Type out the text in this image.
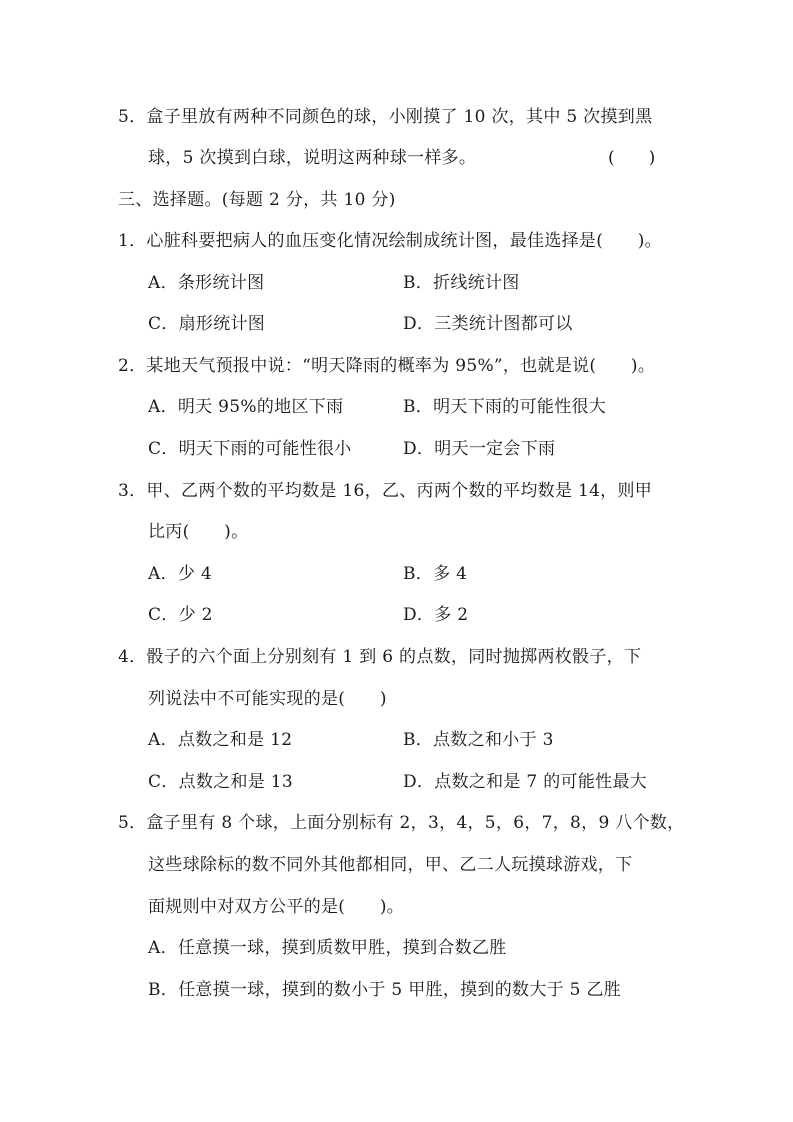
5．盒子里放有两种不同颜色的球，小刚摸了 10 次，其中 5 次摸到黑
球，5 次摸到白球，说明这两种球一样多。	(　　)
三、选择题。(每题 2 分，共 10 分)
1．心脏科要把病人的血压变化情况绘制成统计图，最佳选择是(　　)。
A．条形统计图	B．折线统计图
C．扇形统计图	D．三类统计图都可以
2．某地天气预报中说：“明天降雨的概率为 95%”，也就是说(　　)。
A．明天 95%的地区下雨	B．明天下雨的可能性很大
C．明天下雨的可能性很小	D．明天一定会下雨
3．甲、乙两个数的平均数是 16，乙、丙两个数的平均数是 14，则甲
比丙(　　)。
A．少 4	B．多 4
C．少 2	D．多 2
4．骰子的六个面上分别刻有 1 到 6 的点数，同时抛掷两枚骰子，下
列说法中不可能实现的是(　　)
A．点数之和是 12	B．点数之和小于 3
C．点数之和是 13	D．点数之和是 7 的可能性最大
5．盒子里有 8 个球，上面分别标有 2，3，4，5，6，7，8，9 八个数，
这些球除标的数不同外其他都相同，甲、乙二人玩摸球游戏，下
面规则中对双方公平的是(　　)。
A．任意摸一球，摸到质数甲胜，摸到合数乙胜
B．任意摸一球，摸到的数小于 5 甲胜，摸到的数大于 5 乙胜
